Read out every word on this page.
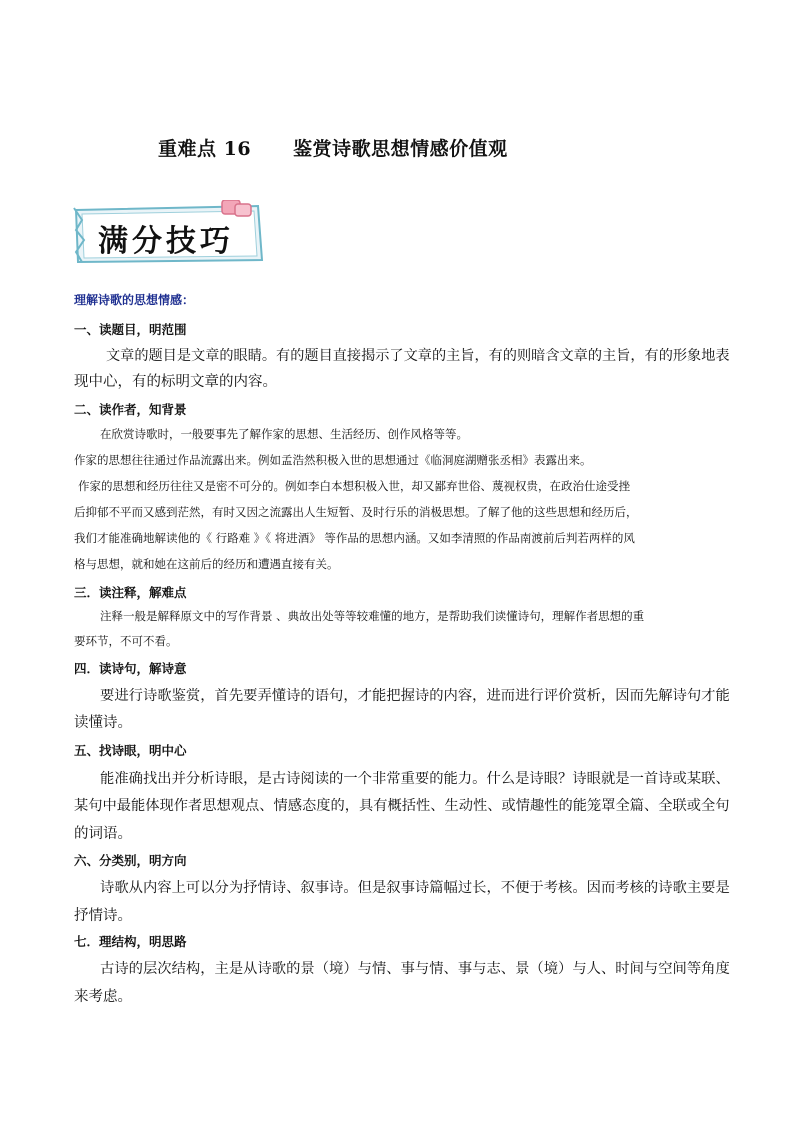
重难点 16 鉴赏诗歌思想情感价值观
满分技巧
理解诗歌的思想情感：
一、读题目，明范围
文章的题目是文章的眼睛。有的题目直接揭示了文章的主旨，有的则暗含文章的主旨，有的形象地表
现中心，有的标明文章的内容。
二、读作者，知背景
在欣赏诗歌时，一般要事先了解作家的思想、生活经历、创作风格等等。
作家的思想往往通过作品流露出来。例如孟浩然积极入世的思想通过《临洞庭湖赠张丞相》表露出来。
作家的思想和经历往往又是密不可分的。例如李白本想积极入世，却又鄙弃世俗、蔑视权贵，在政治仕途受挫
后抑郁不平而又感到茫然，有时又因之流露出人生短暂、及时行乐的消极思想。了解了他的这些思想和经历后，
我们才能准确地解读他的《 行路难 》《 将进酒》 等作品的思想内涵。又如李清照的作品南渡前后判若两样的风
格与思想，就和她在这前后的经历和遭遇直接有关。
三．读注释，解难点
注释一般是解释原文中的写作背景 、典故出处等等较难懂的地方，是帮助我们读懂诗句，理解作者思想的重
要环节，不可不看。
四．读诗句，解诗意
要进行诗歌鉴赏，首先要弄懂诗的语句，才能把握诗的内容，进而进行评价赏析，因而先解诗句才能
读懂诗。
五、找诗眼，明中心
能准确找出并分析诗眼，是古诗阅读的一个非常重要的能力。什么是诗眼？诗眼就是一首诗或某联、
某句中最能体现作者思想观点、情感态度的，具有概括性、生动性、或情趣性的能笼罩全篇、全联或全句
的词语。
六、分类别，明方向
诗歌从内容上可以分为抒情诗、叙事诗。但是叙事诗篇幅过长，不便于考核。因而考核的诗歌主要是
抒情诗。
七．理结构，明思路
古诗的层次结构，主是从诗歌的景（境）与情、事与情、事与志、景（境）与人、时间与空间等角度
来考虑。
